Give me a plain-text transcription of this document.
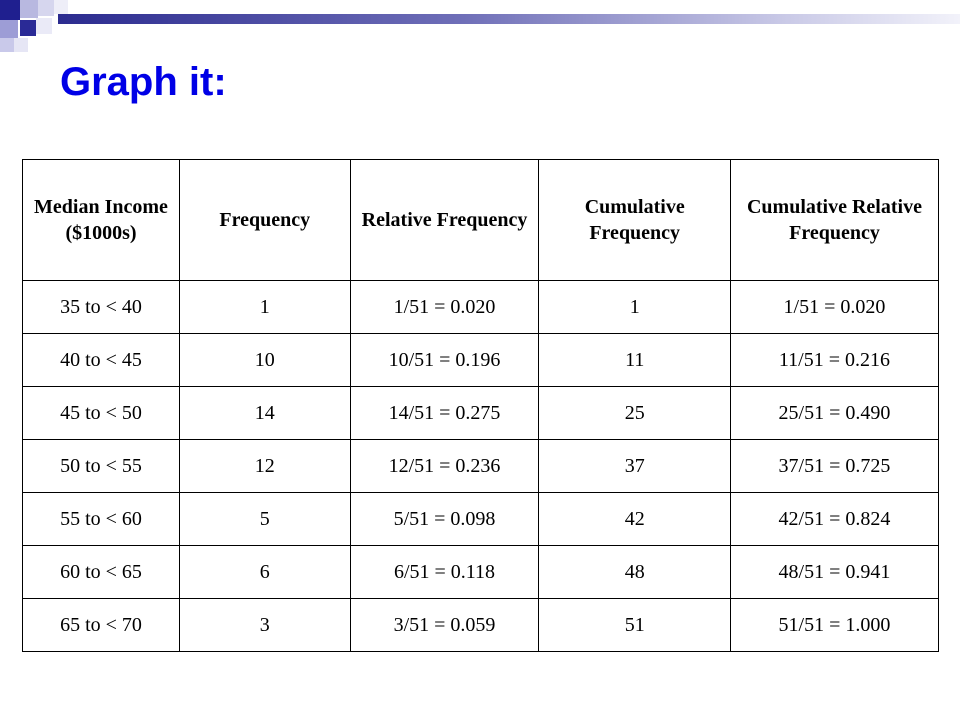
Graph it:
Median Income ($1000s)	Frequency	Relative Frequency	Cumulative Frequency	Cumulative Relative Frequency
35 to < 40	1	1/51 = 0.020	1	1/51 = 0.020
40 to < 45	10	10/51 = 0.196	11	11/51 = 0.216
45 to < 50	14	14/51 = 0.275	25	25/51 = 0.490
50 to < 55	12	12/51 = 0.236	37	37/51 = 0.725
55 to < 60	5	5/51 = 0.098	42	42/51 = 0.824
60 to < 65	6	6/51 = 0.118	48	48/51 = 0.941
65 to < 70	3	3/51 = 0.059	51	51/51 = 1.000
